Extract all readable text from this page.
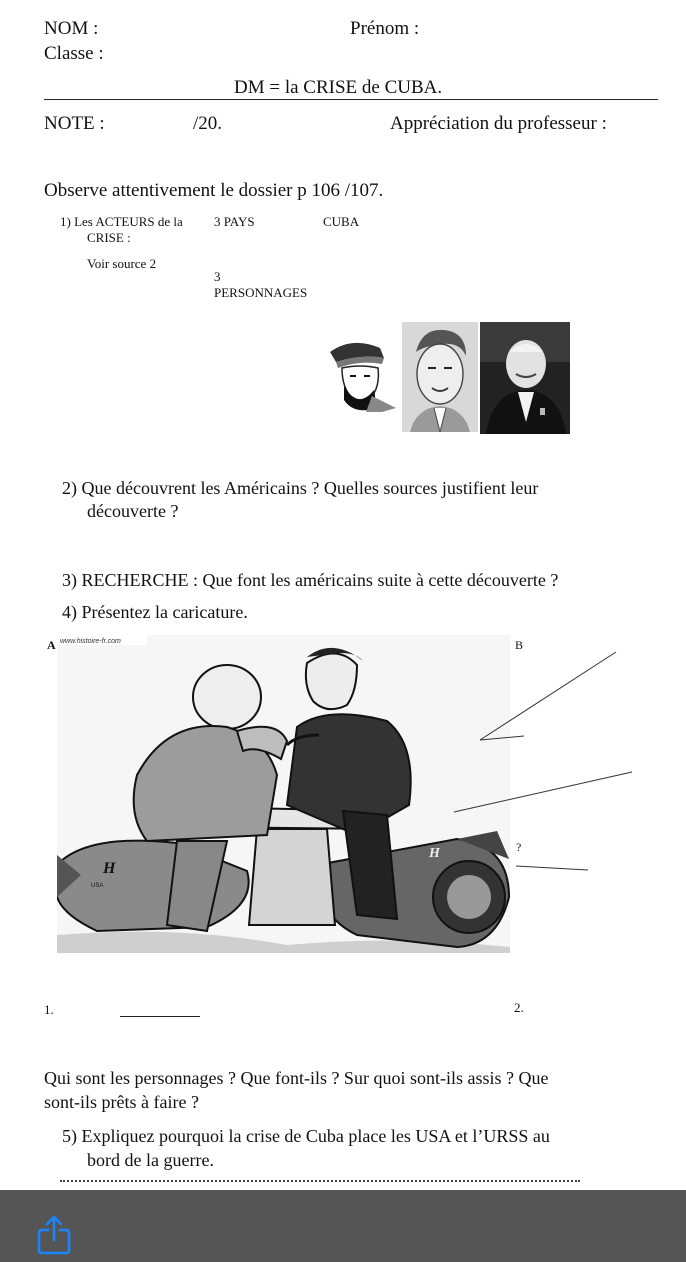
NOM :	Prénom :
Classe :
DM = la CRISE de CUBA.
NOTE :	/20.	Appréciation du professeur :
Observe attentivement le dossier p 106 /107.
1) Les ACTEURS de la
CRISE :
3 PAYS	CUBA
Voir source 2
3
PERSONNAGES
2) Que découvrent les Américains ? Quelles sources justifient leur
découverte ?
3) RECHERCHE : Que font les américains suite à cette découverte ?
4) Présentez la caricature.
A	B
www.histoire-fr.com
H
USA
H	?
1.	2.
Qui sont les personnages ? Que font-ils ? Sur quoi sont-ils assis ? Que
sont-ils prêts à faire ?
5) Expliquez pourquoi la crise de Cuba place les USA et l’URSS au
bord de la guerre.
